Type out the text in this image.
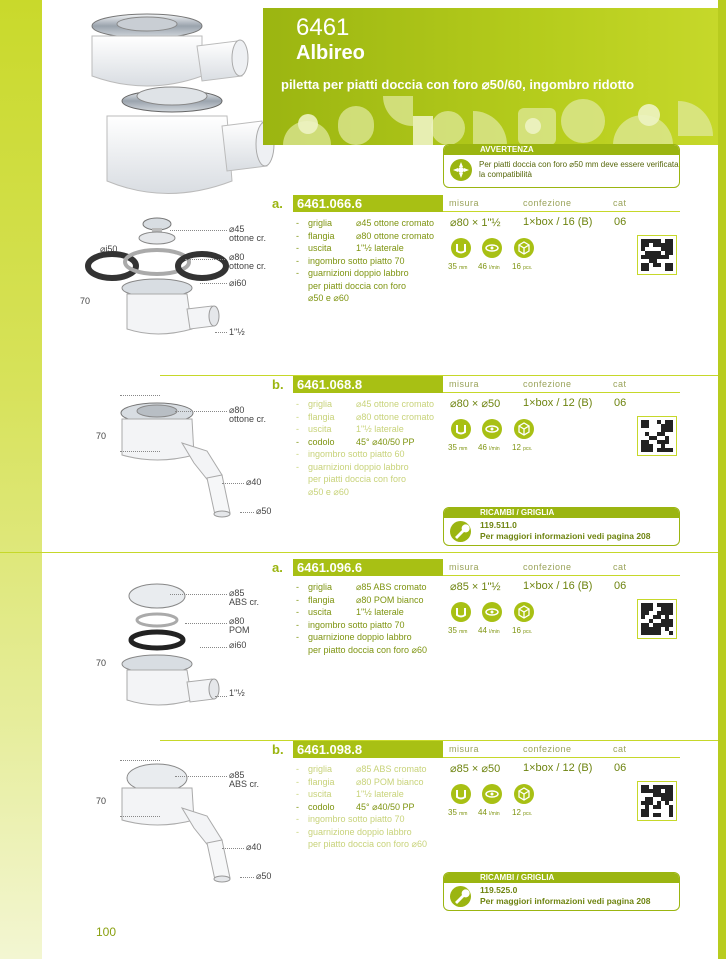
6461
Albireo
piletta per piatti doccia con foro ⌀50/60, ingombro ridotto
AVVERTENZA
Per piatti doccia con foro ⌀50 mm deve essere verificata la compatibilità
⌀45
ottone cr.
⌀80
ottone cr.
⌀i60
⌀i50
70
1"½
a.	6461.066.6	misura	confezione	cat
-	griglia	⌀45 ottone cromato
-	flangia	⌀80 ottone cromato
-	uscita	1"½ laterale
-	ingombro sotto piatto 70
-	guarnizioni doppio labbro
per piatti doccia con foro
⌀50 e ⌀60
⌀80 × 1"½ 1×box / 16 (B) 06
35 mm 46 l/min 16 pcs.
⌀80
ottone cr.
⌀40
⌀50
70
b.	6461.068.8	misura	confezione	cat
-	griglia	⌀45 ottone cromato
-	flangia	⌀80 ottone cromato
-	uscita	1"½ laterale
-	codolo	45° ⌀40/50 PP
-	ingombro sotto piatto 60
-	guarnizioni doppio labbro
per piatti doccia con foro
⌀50 e ⌀60
⌀80 × ⌀50 1×box / 12 (B) 06
35 mm 46 l/min 12 pcs.
RICAMBI / GRIGLIA
119.511.0
Per maggiori informazioni vedi pagina 208
⌀85
ABS cr.
⌀80
POM
⌀i60
70
1"½
a.	6461.096.6	misura	confezione	cat
-	griglia	⌀85 ABS cromato
-	flangia	⌀80 POM bianco
-	uscita	1"½ laterale
-	ingombro sotto piatto 70
-	guarnizione doppio labbro
per piatto doccia con foro ⌀60
⌀85 × 1"½ 1×box / 16 (B) 06
35 mm 44 l/min 16 pcs.
⌀85
ABS cr.
⌀40
⌀50
70
b.	6461.098.8	misura	confezione	cat
-	griglia	⌀85 ABS cromato
-	flangia	⌀80 POM bianco
-	uscita	1"½ laterale
-	codolo	45° ⌀40/50 PP
-	ingombro sotto piatto 70
-	guarnizione doppio labbro
per piatto doccia con foro ⌀60
⌀85 × ⌀50 1×box / 12 (B) 06
35 mm 44 l/min 12 pcs.
RICAMBI / GRIGLIA
119.525.0
Per maggiori informazioni vedi pagina 208
100
